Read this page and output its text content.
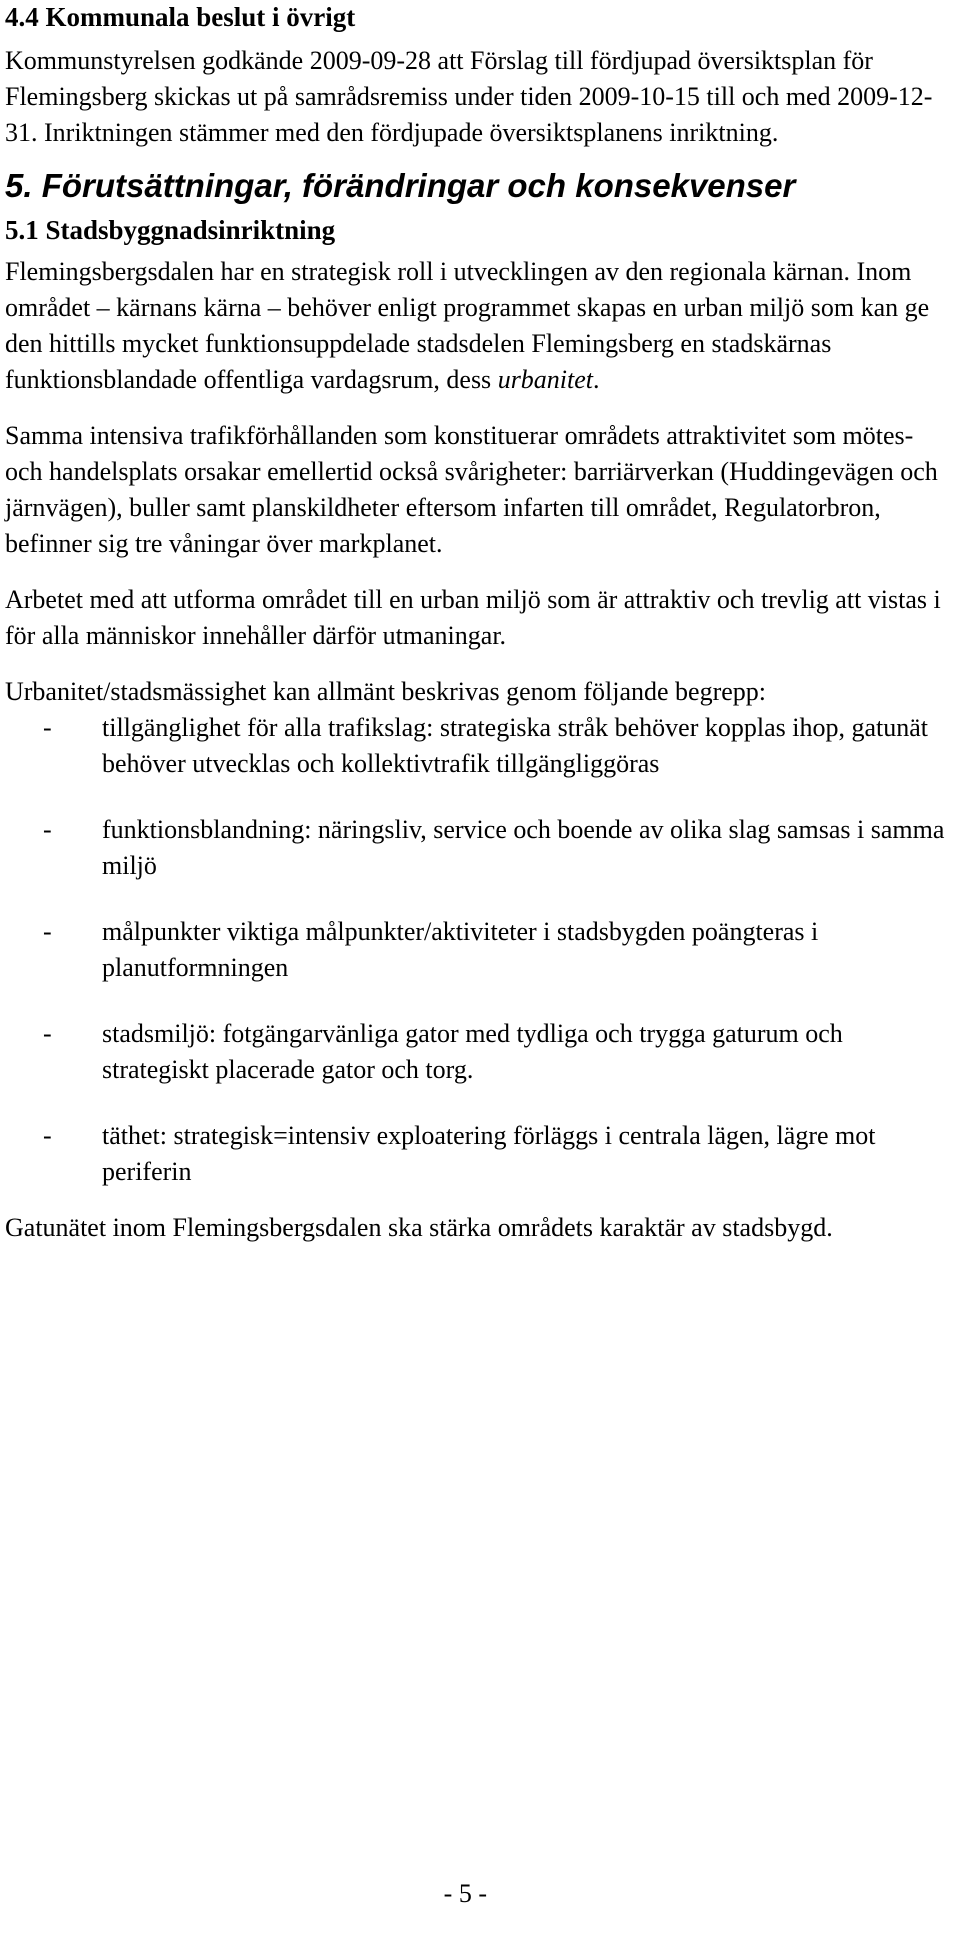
4.4 Kommunala beslut i övrigt

Kommunstyrelsen godkände 2009-09-28 att Förslag till fördjupad översiktsplan för Flemingsberg skickas ut på samrådsremiss under tiden 2009-10-15 till och med 2009-12-31. Inriktningen stämmer med den fördjupade översiktsplanens inriktning.

5. Förutsättningar, förändringar och konsekvenser
5.1 Stadsbyggnadsinriktning

Flemingsbergsdalen har en strategisk roll i utvecklingen av den regionala kärnan. Inom området – kärnans kärna – behöver enligt programmet skapas en urban miljö som kan ge den hittills mycket funktionsuppdelade stadsdelen Flemingsberg en stadskärnas funktionsblandade offentliga vardagsrum, dess urbanitet.

Samma intensiva trafikförhållanden som konstituerar områdets attraktivitet som mötes- och handelsplats orsakar emellertid också svårigheter: barriärverkan (Huddingevägen och järnvägen), buller samt planskildheter eftersom infarten till området, Regulatorbron, befinner sig tre våningar över markplanet.

Arbetet med att utforma området till en urban miljö som är attraktiv och trevlig att vistas i för alla människor innehåller därför utmaningar.

Urbanitet/stadsmässighet kan allmänt beskrivas genom följande begrepp:

- tillgänglighet för alla trafikslag: strategiska stråk behöver kopplas ihop, gatunät behöver utvecklas och kollektivtrafik tillgängliggöras
- funktionsblandning: näringsliv, service och boende av olika slag samsas i samma miljö
- målpunkter viktiga målpunkter/aktiviteter i stadsbygden poängteras i planutformningen
- stadsmiljö: fotgängarvänliga gator med tydliga och trygga gaturum och strategiskt placerade gator och torg.
- täthet: strategisk=intensiv exploatering förläggs i centrala lägen, lägre mot periferin

Gatunätet inom Flemingsbergsdalen ska stärka områdets karaktär av stadsbygd.

- 5 -
